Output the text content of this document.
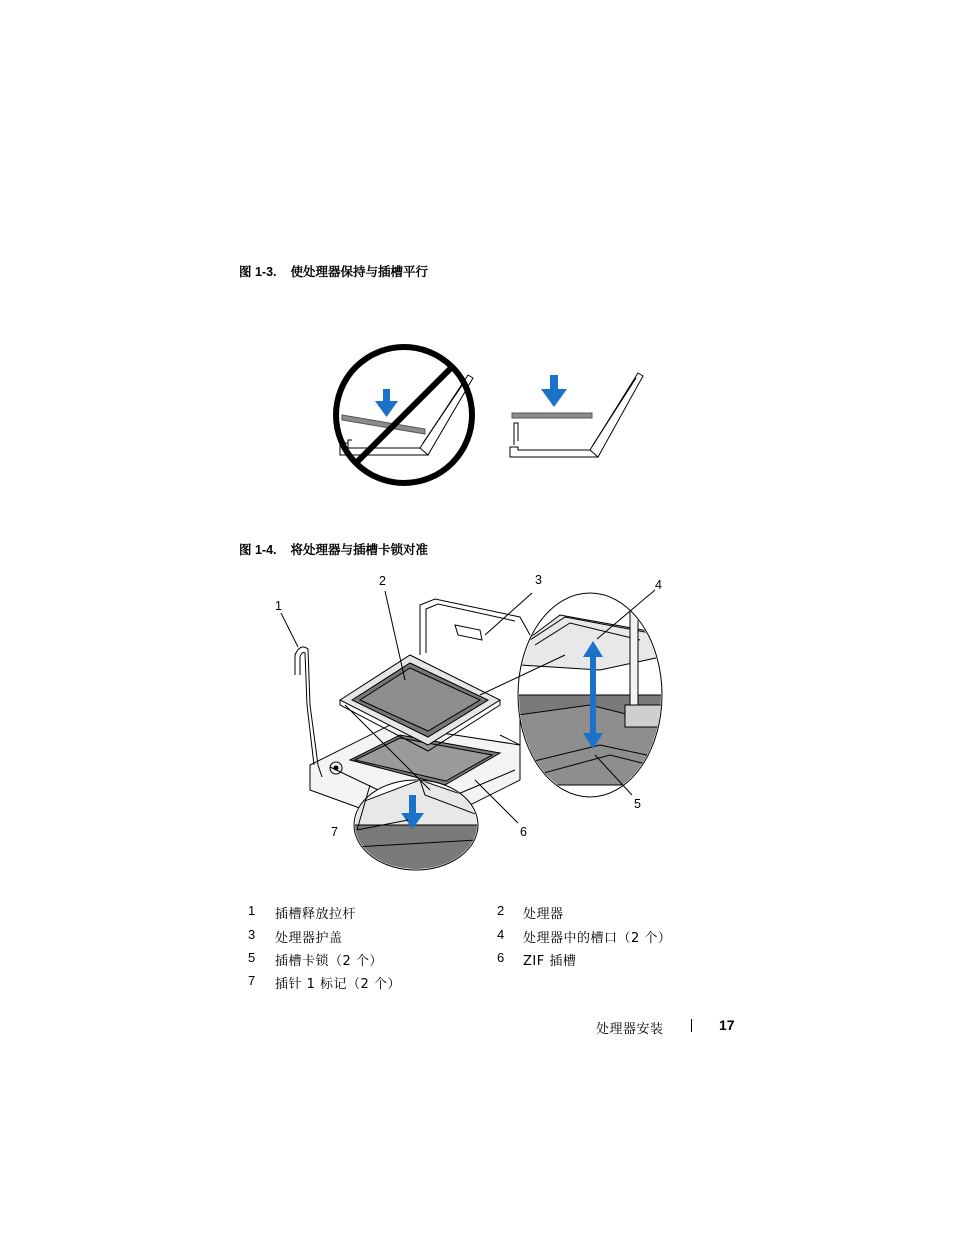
图 1-3. 使处理器保持与插槽平行
图 1-4. 将处理器与插槽卡锁对准
1
2	3	4
5
6
7
1 插槽释放拉杆	2 处理器
3 处理器护盖	4 处理器中的槽口（2 个）
5 插槽卡锁（2 个）	6 ZIF 插槽
7 插针 1 标记（2 个）
处理器安装	17
